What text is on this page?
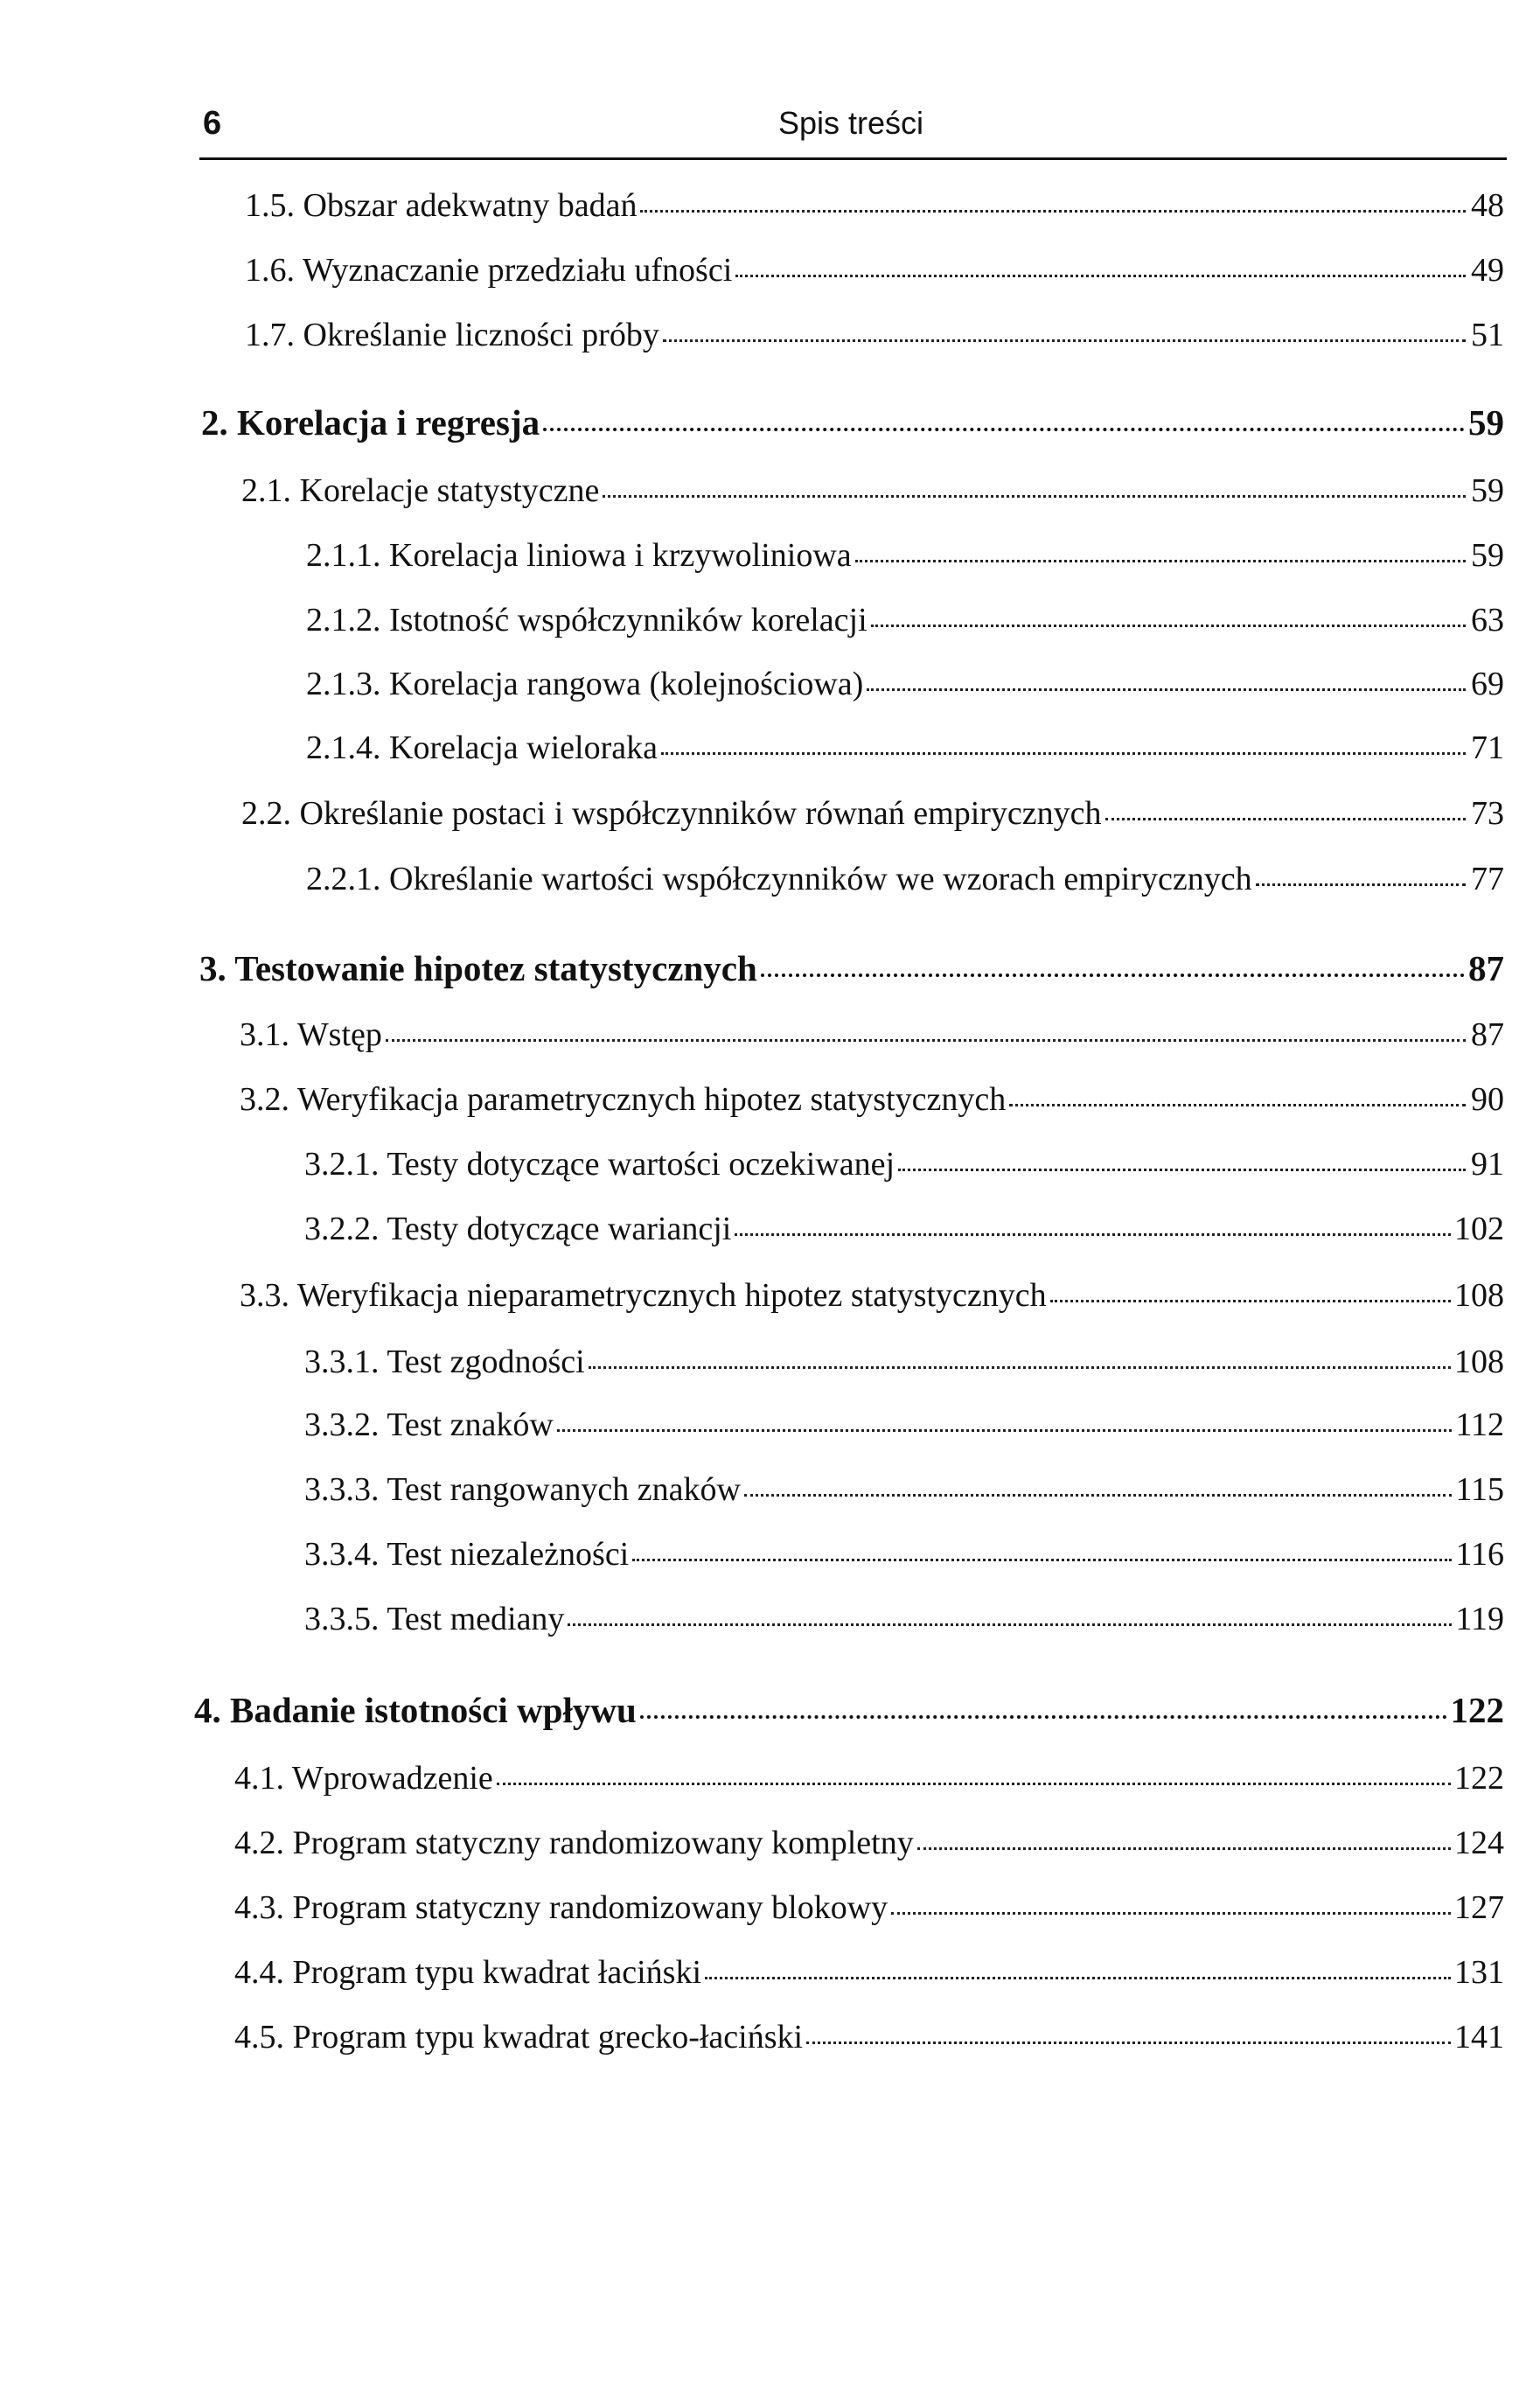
6	Spis treści
1.5. Obszar adekwatny badań	48
1.6. Wyznaczanie przedziału ufności	49
1.7. Określanie liczności próby	51
2. Korelacja i regresja	59
2.1. Korelacje statystyczne	59
2.1.1. Korelacja liniowa i krzywoliniowa	59
2.1.2. Istotność współczynników korelacji	63
2.1.3. Korelacja rangowa (kolejnościowa)	69
2.1.4. Korelacja wieloraka	71
2.2. Określanie postaci i współczynników równań empirycznych	73
2.2.1. Określanie wartości współczynników we wzorach empirycznych	77
3. Testowanie hipotez statystycznych	87
3.1. Wstęp	87
3.2. Weryfikacja parametrycznych hipotez statystycznych	90
3.2.1. Testy dotyczące wartości oczekiwanej	91
3.2.2. Testy dotyczące wariancji	102
3.3. Weryfikacja nieparametrycznych hipotez statystycznych	108
3.3.1. Test zgodności	108
3.3.2. Test znaków	112
3.3.3. Test rangowanych znaków	115
3.3.4. Test niezależności	116
3.3.5. Test mediany	119
4. Badanie istotności wpływu	122
4.1. Wprowadzenie	122
4.2. Program statyczny randomizowany kompletny	124
4.3. Program statyczny randomizowany blokowy	127
4.4. Program typu kwadrat łaciński	131
4.5. Program typu kwadrat grecko-łaciński	141
